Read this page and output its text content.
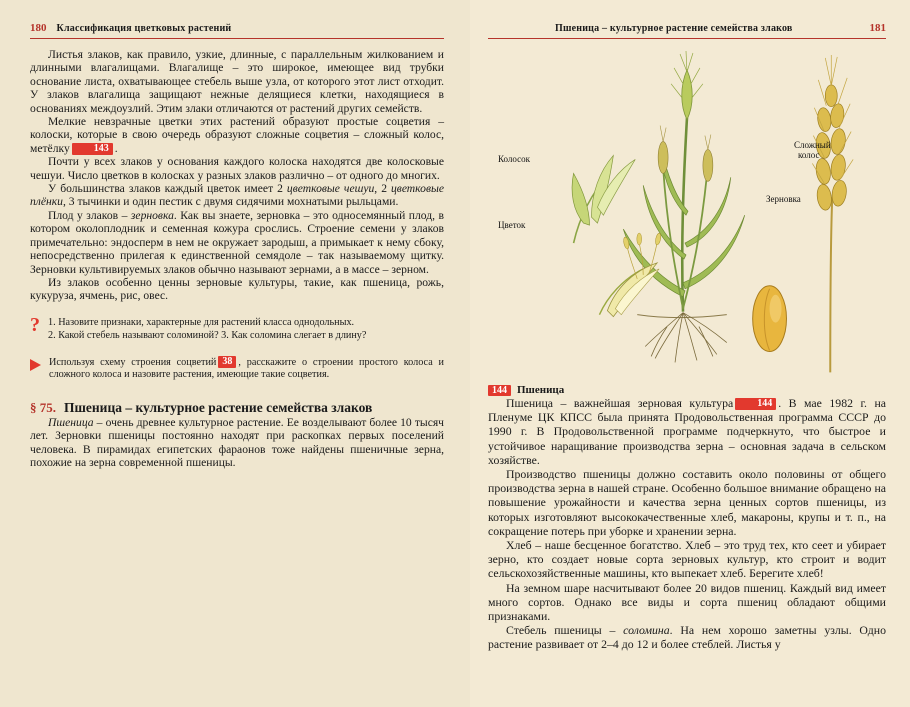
180 Классификация цветковых растений

Листья злаков, как правило, узкие, длинные, с параллельным жилкованием и длинными влагалищами. Влагалище – это широкое, имеющее вид трубки основание листа, охватывающее стебель выше узла, от которого этот лист отходит. У злаков влагалища защищают нежные делящиеся клетки, находящиеся в основаниях междоузлий. Этим злаки отличаются от растений других семейств.

Мелкие невзрачные цветки этих растений образуют простые соцветия – колоски, которые в свою очередь образуют сложные соцветия – сложный колос, метёлку 143 .

Почти у всех злаков у основания каждого колоска находятся две колосковые чешуи. Число цветков в колосках у разных злаков различно – от одного до многих.

У большинства злаков каждый цветок имеет 2 цветковые чешуи, 2 цветковые плёнки, 3 тычинки и один пестик с двумя сидячими мохнатыми рыльцами.

Плод у злаков – зерновка. Как вы знаете, зерновка – это односемянный плод, в котором околоплодник и семенная кожура срослись. Строение семени у злаков примечательно: эндосперм в нем не окружает зародыш, а примыкает к нему сбоку, непосредственно прилегая к единственной семядоле – так называемому щитку. Зерновки культивируемых злаков обычно называют зернами, а в массе – зерном.

Из злаков особенно ценны зерновые культуры, такие, как пшеница, рожь, кукуруза, ячмень, рис, овес.

? 1. Назовите признаки, характерные для растений класса однодольных.
2. Какой стебель называют соломиной? 3. Как соломина слегает в длину?
Используя схему строения соцветий 38 , расскажите о строении простого колоса и сложного колоса и назовите растения, имеющие такие соцветия.
§ 75. Пшеница – культурное растение семейства злаков

Пшеница – очень древнее культурное растение. Ее возделывают более 10 тысяч лет. Зерновки пшеницы постоянно находят при раскопках первых поселений человека. В пирамидах египетских фараонов тоже найдены пшеничные зерна, похожие на зерна современной пшеницы.

Пшеница – культурное растение семейства злаков	181
Колосок
Цветок
Сложный
колос
Зерновка
144 Пшеница

Пшеница – важнейшая зерновая культура 144 . В мае 1982 г. на Пленуме ЦК КПСС была принята Продовольственная программа СССР до 1990 г. В Продовольственной программе подчеркнуто, что быстрое и устойчивое наращивание производства зерна – основная задача в сельском хозяйстве.

Производство пшеницы должно составить около половины от общего производства зерна в нашей стране. Особенно большое внимание обращено на повышение урожайности и качества зерна ценных сортов пшеницы, из которых изготовляют высококачественные хлеб, макароны, крупы и т. п., на сокращение потерь при уборке и хранении зерна.

Хлеб – наше бесценное богатство. Хлеб – это труд тех, кто сеет и убирает зерно, кто создает новые сорта зерновых культур, кто строит и водит сельскохозяйственные машины, кто выпекает хлеб. Берегите хлеб!

На земном шаре насчитывают более 20 видов пшениц. Каждый вид имеет много сортов. Однако все виды и сорта пшениц обладают общими признаками.

Стебель пшеницы – соломина. На нем хорошо заметны узлы. Одно растение развивает от 2–4 до 12 и более стеблей. Листья у
